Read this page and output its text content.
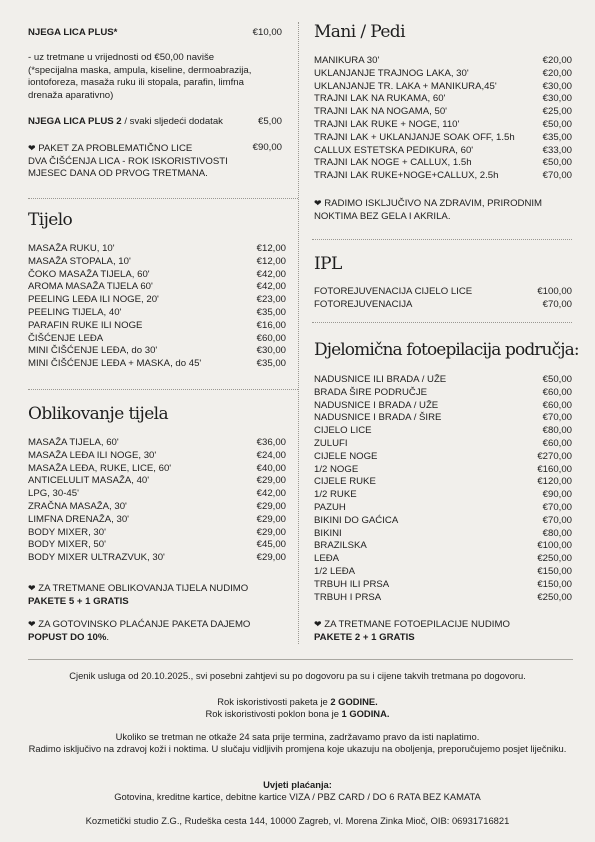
NJEGA LICA PLUS*	€10,00
- uz tretmane u vrijednosti od €50,00 naviše (*specijalna maska, ampula, kiseline, dermoabrazija, iontoforeza, masaža ruku ili stopala, parafin, limfna drenaža aparativno)
NJEGA LICA PLUS 2 / svaki sljedeći dodatak	€5,00
❤ PAKET ZA PROBLEMATIČNO LICE	€90,00
DVA ČIŠĆENJA LICA - ROK ISKORISTIVOSTI MJESEC DANA OD PRVOG TRETMANA.
Tijelo
MASAŽA RUKU, 10'	€12,00
MASAŽA STOPALA, 10'	€12,00
ČOKO MASAŽA TIJELA, 60'	€42,00
AROMA MASAŽA TIJELA 60'	€42,00
PEELING LEĐA ILI NOGE, 20'	€23,00
PEELING TIJELA, 40'	€35,00
PARAFIN RUKE ILI NOGE	€16,00
ČIŠĆENJE LEĐA	€60,00
MINI ČIŠĆENJE LEĐA, do 30'	€30,00
MINI ČIŠĆENJE LEĐA + MASKA, do 45'	€35,00
Oblikovanje tijela
MASAŽA TIJELA, 60'	€36,00
MASAŽA LEĐA ILI NOGE, 30'	€24,00
MASAŽA LEĐA, RUKE, LICE, 60'	€40,00
ANTICELULIT MASAŽA, 40'	€29,00
LPG, 30-45'	€42,00
ZRAČNA MASAŽA, 30'	€29,00
LIMFNA DRENAŽA, 30'	€29,00
BODY MIXER, 30'	€29,00
BODY MIXER, 50'	€45,00
BODY MIXER ULTRAZVUK, 30'	€29,00
❤ ZA TRETMANE OBLIKOVANJA TIJELA NUDIMO
PAKETE 5 + 1 GRATIS
❤ ZA GOTOVINSKO PLAĆANJE PAKETA DAJEMO
POPUST DO 10%.
Mani / Pedi
MANIKURA 30'	€20,00
UKLANJANJE TRAJNOG LAKA, 30'	€20,00
UKLANJANJE TR. LAKA + MANIKURA,45'	€30,00
TRAJNI LAK NA RUKAMA, 60'	€30,00
TRAJNI LAK NA NOGAMA, 50'	€25,00
TRAJNI LAK RUKE + NOGE, 110'	€50,00
TRAJNI LAK + UKLANJANJE SOAK OFF, 1.5h	€35,00
CALLUX ESTETSKA PEDIKURA, 60'	€33,00
TRAJNI LAK NOGE + CALLUX, 1.5h	€50,00
TRAJNI LAK RUKE+NOGE+CALLUX, 2.5h	€70,00
❤ RADIMO ISKLJUČIVO NA ZDRAVIM, PRIRODNIM NOKTIMA BEZ GELA I AKRILA.
IPL
FOTOREJUVENACIJA CIJELO LICE	€100,00
FOTOREJUVENACIJA	€70,00
Djelomična fotoepilacija područja:
NADUSNICE ILI BRADA / UŽE	€50,00
BRADA ŠIRE PODRUČJE	€60,00
NADUSNICE I BRADA / UŽE	€60,00
NADUSNICE I BRADA / ŠIRE	€70,00
CIJELO LICE	€80,00
ZULUFI	€60,00
CIJELE NOGE	€270,00
1/2 NOGE	€160,00
CIJELE RUKE	€120,00
1/2 RUKE	€90,00
PAZUH	€70,00
BIKINI DO GAĆICA	€70,00
BIKINI	€80,00
BRAZILSKA	€100,00
LEĐA	€250,00
1/2 LEĐA	€150,00
TRBUH ILI PRSA	€150,00
TRBUH I PRSA	€250,00
❤ ZA TRETMANE FOTOEPILACIJE NUDIMO
PAKETE 2 + 1 GRATIS
Cjenik usluga od 20.10.2025., svi posebni zahtjevi su po dogovoru pa su i cijene takvih tretmana po dogovoru.
Rok iskoristivosti paketa je 2 GODINE.
Rok iskoristivosti poklon bona je 1 GODINA.
Ukoliko se tretman ne otkaže 24 sata prije termina, zadržavamo pravo da isti naplatimo.
Radimo isključivo na zdravoj koži i noktima. U slučaju vidljivih promjena koje ukazuju na oboljenja, preporučujemo posjet liječniku.
Uvjeti plaćanja:
Gotovina, kreditne kartice, debitne kartice VIZA / PBZ CARD / DO 6 RATA BEZ KAMATA
Kozmetički studio Z.G., Rudeška cesta 144, 10000 Zagreb, vl. Morena Zinka Mioč, OIB: 06931716821
